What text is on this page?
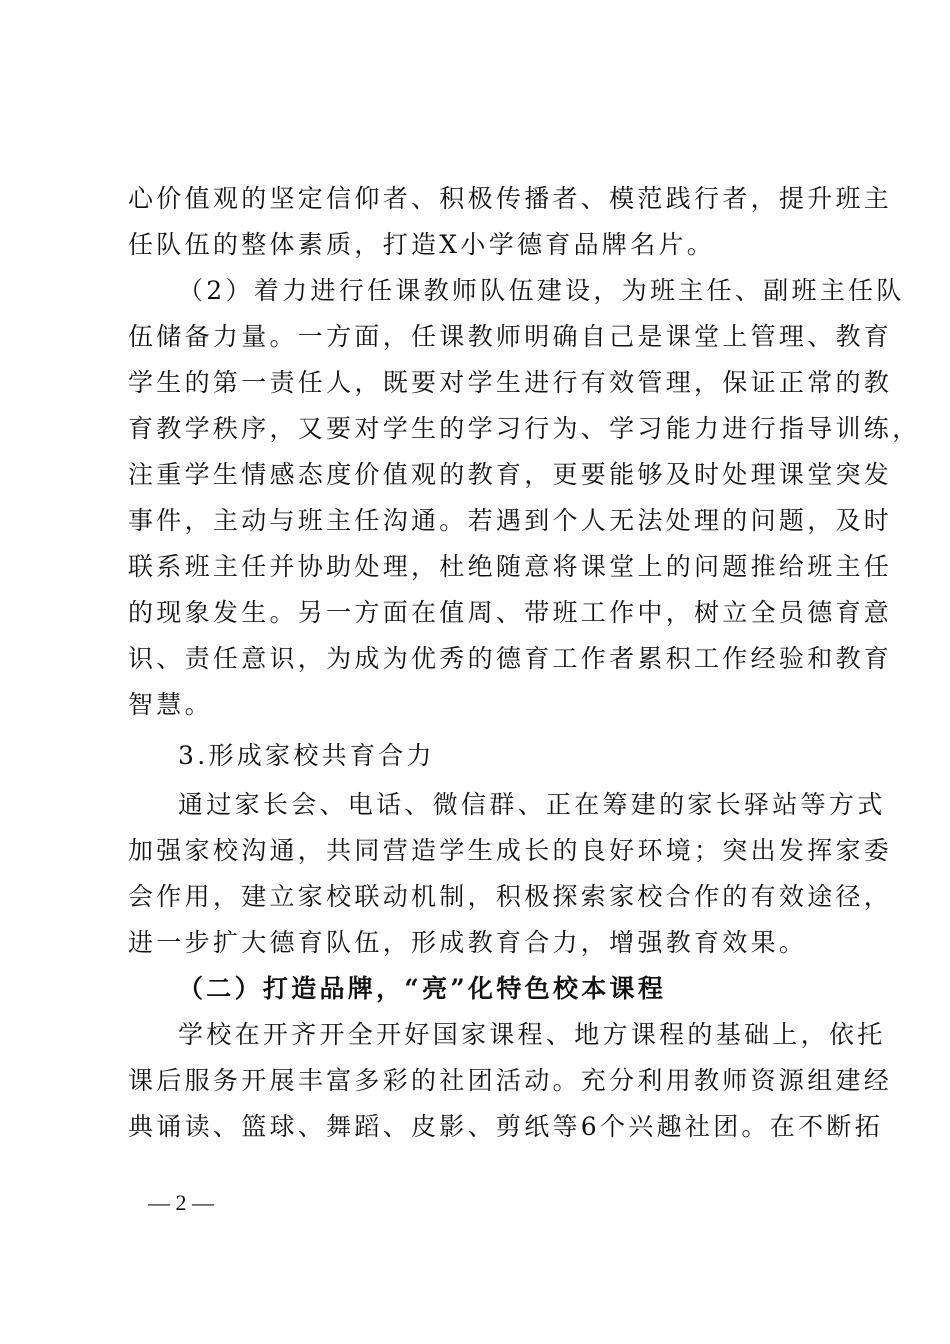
心价值观的坚定信仰者、积极传播者、模范践行者，提升班主
任队伍的整体素质，打造X小学德育品牌名片。
（2）着力进行任课教师队伍建设，为班主任、副班主任队
伍储备力量。一方面，任课教师明确自己是课堂上管理、教育
学生的第一责任人，既要对学生进行有效管理，保证正常的教
育教学秩序，又要对学生的学习行为、学习能力进行指导训练，
注重学生情感态度价值观的教育，更要能够及时处理课堂突发
事件，主动与班主任沟通。若遇到个人无法处理的问题，及时
联系班主任并协助处理，杜绝随意将课堂上的问题推给班主任
的现象发生。另一方面在值周、带班工作中，树立全员德育意
识、责任意识，为成为优秀的德育工作者累积工作经验和教育
智慧。
3.形成家校共育合力
通过家长会、电话、微信群、正在筹建的家长驿站等方式
加强家校沟通，共同营造学生成长的良好环境；突出发挥家委
会作用，建立家校联动机制，积极探索家校合作的有效途径，
进一步扩大德育队伍，形成教育合力，增强教育效果。
（二）打造品牌，“亮”化特色校本课程
学校在开齐开全开好国家课程、地方课程的基础上，依托
课后服务开展丰富多彩的社团活动。充分利用教师资源组建经
典诵读、篮球、舞蹈、皮影、剪纸等6个兴趣社团。在不断拓
— 2 —
